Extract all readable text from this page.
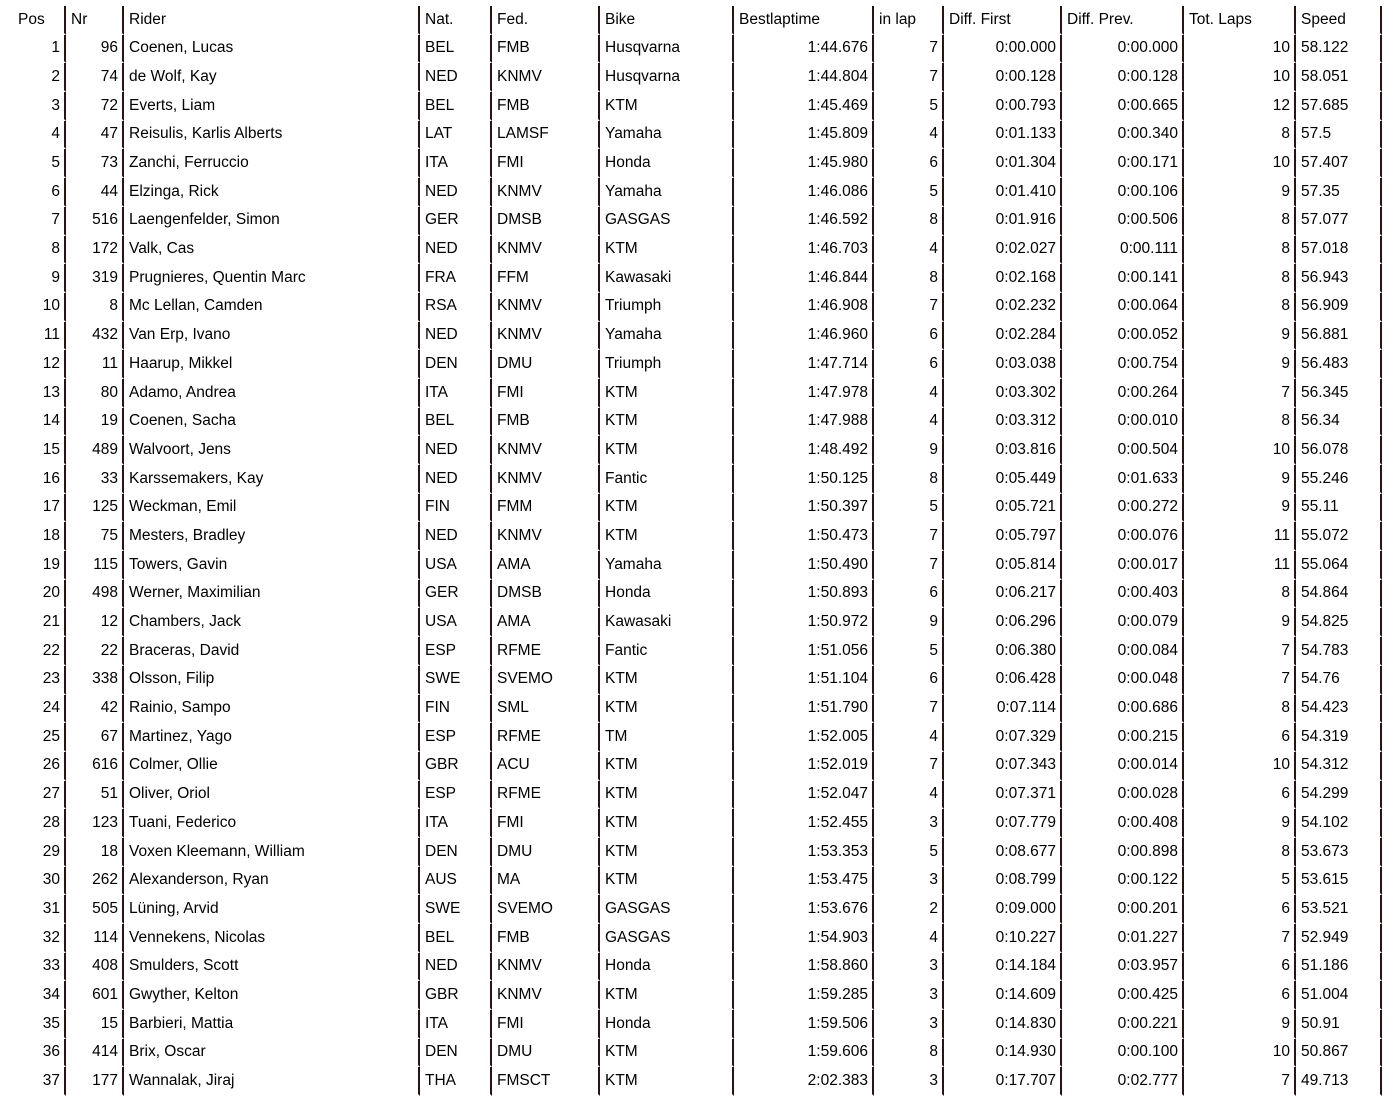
Pos	Nr	Rider	Nat.	Fed.	Bike	Bestlaptime	in lap	Diff. First	Diff. Prev.	Tot. Laps	Speed
1	96	Coenen, Lucas	BEL	FMB	Husqvarna	1:44.676	7	0:00.000	0:00.000	10	58.122
2	74	de Wolf, Kay	NED	KNMV	Husqvarna	1:44.804	7	0:00.128	0:00.128	10	58.051
3	72	Everts, Liam	BEL	FMB	KTM	1:45.469	5	0:00.793	0:00.665	12	57.685
4	47	Reisulis, Karlis Alberts	LAT	LAMSF	Yamaha	1:45.809	4	0:01.133	0:00.340	8	57.5
5	73	Zanchi, Ferruccio	ITA	FMI	Honda	1:45.980	6	0:01.304	0:00.171	10	57.407
6	44	Elzinga, Rick	NED	KNMV	Yamaha	1:46.086	5	0:01.410	0:00.106	9	57.35
7	516	Laengenfelder, Simon	GER	DMSB	GASGAS	1:46.592	8	0:01.916	0:00.506	8	57.077
8	172	Valk, Cas	NED	KNMV	KTM	1:46.703	4	0:02.027	0:00.111	8	57.018
9	319	Prugnieres, Quentin Marc	FRA	FFM	Kawasaki	1:46.844	8	0:02.168	0:00.141	8	56.943
10	8	Mc Lellan, Camden	RSA	KNMV	Triumph	1:46.908	7	0:02.232	0:00.064	8	56.909
11	432	Van Erp, Ivano	NED	KNMV	Yamaha	1:46.960	6	0:02.284	0:00.052	9	56.881
12	11	Haarup, Mikkel	DEN	DMU	Triumph	1:47.714	6	0:03.038	0:00.754	9	56.483
13	80	Adamo, Andrea	ITA	FMI	KTM	1:47.978	4	0:03.302	0:00.264	7	56.345
14	19	Coenen, Sacha	BEL	FMB	KTM	1:47.988	4	0:03.312	0:00.010	8	56.34
15	489	Walvoort, Jens	NED	KNMV	KTM	1:48.492	9	0:03.816	0:00.504	10	56.078
16	33	Karssemakers, Kay	NED	KNMV	Fantic	1:50.125	8	0:05.449	0:01.633	9	55.246
17	125	Weckman, Emil	FIN	FMM	KTM	1:50.397	5	0:05.721	0:00.272	9	55.11
18	75	Mesters, Bradley	NED	KNMV	KTM	1:50.473	7	0:05.797	0:00.076	11	55.072
19	115	Towers, Gavin	USA	AMA	Yamaha	1:50.490	7	0:05.814	0:00.017	11	55.064
20	498	Werner, Maximilian	GER	DMSB	Honda	1:50.893	6	0:06.217	0:00.403	8	54.864
21	12	Chambers, Jack	USA	AMA	Kawasaki	1:50.972	9	0:06.296	0:00.079	9	54.825
22	22	Braceras, David	ESP	RFME	Fantic	1:51.056	5	0:06.380	0:00.084	7	54.783
23	338	Olsson, Filip	SWE	SVEMO	KTM	1:51.104	6	0:06.428	0:00.048	7	54.76
24	42	Rainio, Sampo	FIN	SML	KTM	1:51.790	7	0:07.114	0:00.686	8	54.423
25	67	Martinez, Yago	ESP	RFME	TM	1:52.005	4	0:07.329	0:00.215	6	54.319
26	616	Colmer, Ollie	GBR	ACU	KTM	1:52.019	7	0:07.343	0:00.014	10	54.312
27	51	Oliver, Oriol	ESP	RFME	KTM	1:52.047	4	0:07.371	0:00.028	6	54.299
28	123	Tuani, Federico	ITA	FMI	KTM	1:52.455	3	0:07.779	0:00.408	9	54.102
29	18	Voxen Kleemann, William	DEN	DMU	KTM	1:53.353	5	0:08.677	0:00.898	8	53.673
30	262	Alexanderson, Ryan	AUS	MA	KTM	1:53.475	3	0:08.799	0:00.122	5	53.615
31	505	Lüning, Arvid	SWE	SVEMO	GASGAS	1:53.676	2	0:09.000	0:00.201	6	53.521
32	114	Vennekens, Nicolas	BEL	FMB	GASGAS	1:54.903	4	0:10.227	0:01.227	7	52.949
33	408	Smulders, Scott	NED	KNMV	Honda	1:58.860	3	0:14.184	0:03.957	6	51.186
34	601	Gwyther, Kelton	GBR	KNMV	KTM	1:59.285	3	0:14.609	0:00.425	6	51.004
35	15	Barbieri, Mattia	ITA	FMI	Honda	1:59.506	3	0:14.830	0:00.221	9	50.91
36	414	Brix, Oscar	DEN	DMU	KTM	1:59.606	8	0:14.930	0:00.100	10	50.867
37	177	Wannalak, Jiraj	THA	FMSCT	KTM	2:02.383	3	0:17.707	0:02.777	7	49.713
